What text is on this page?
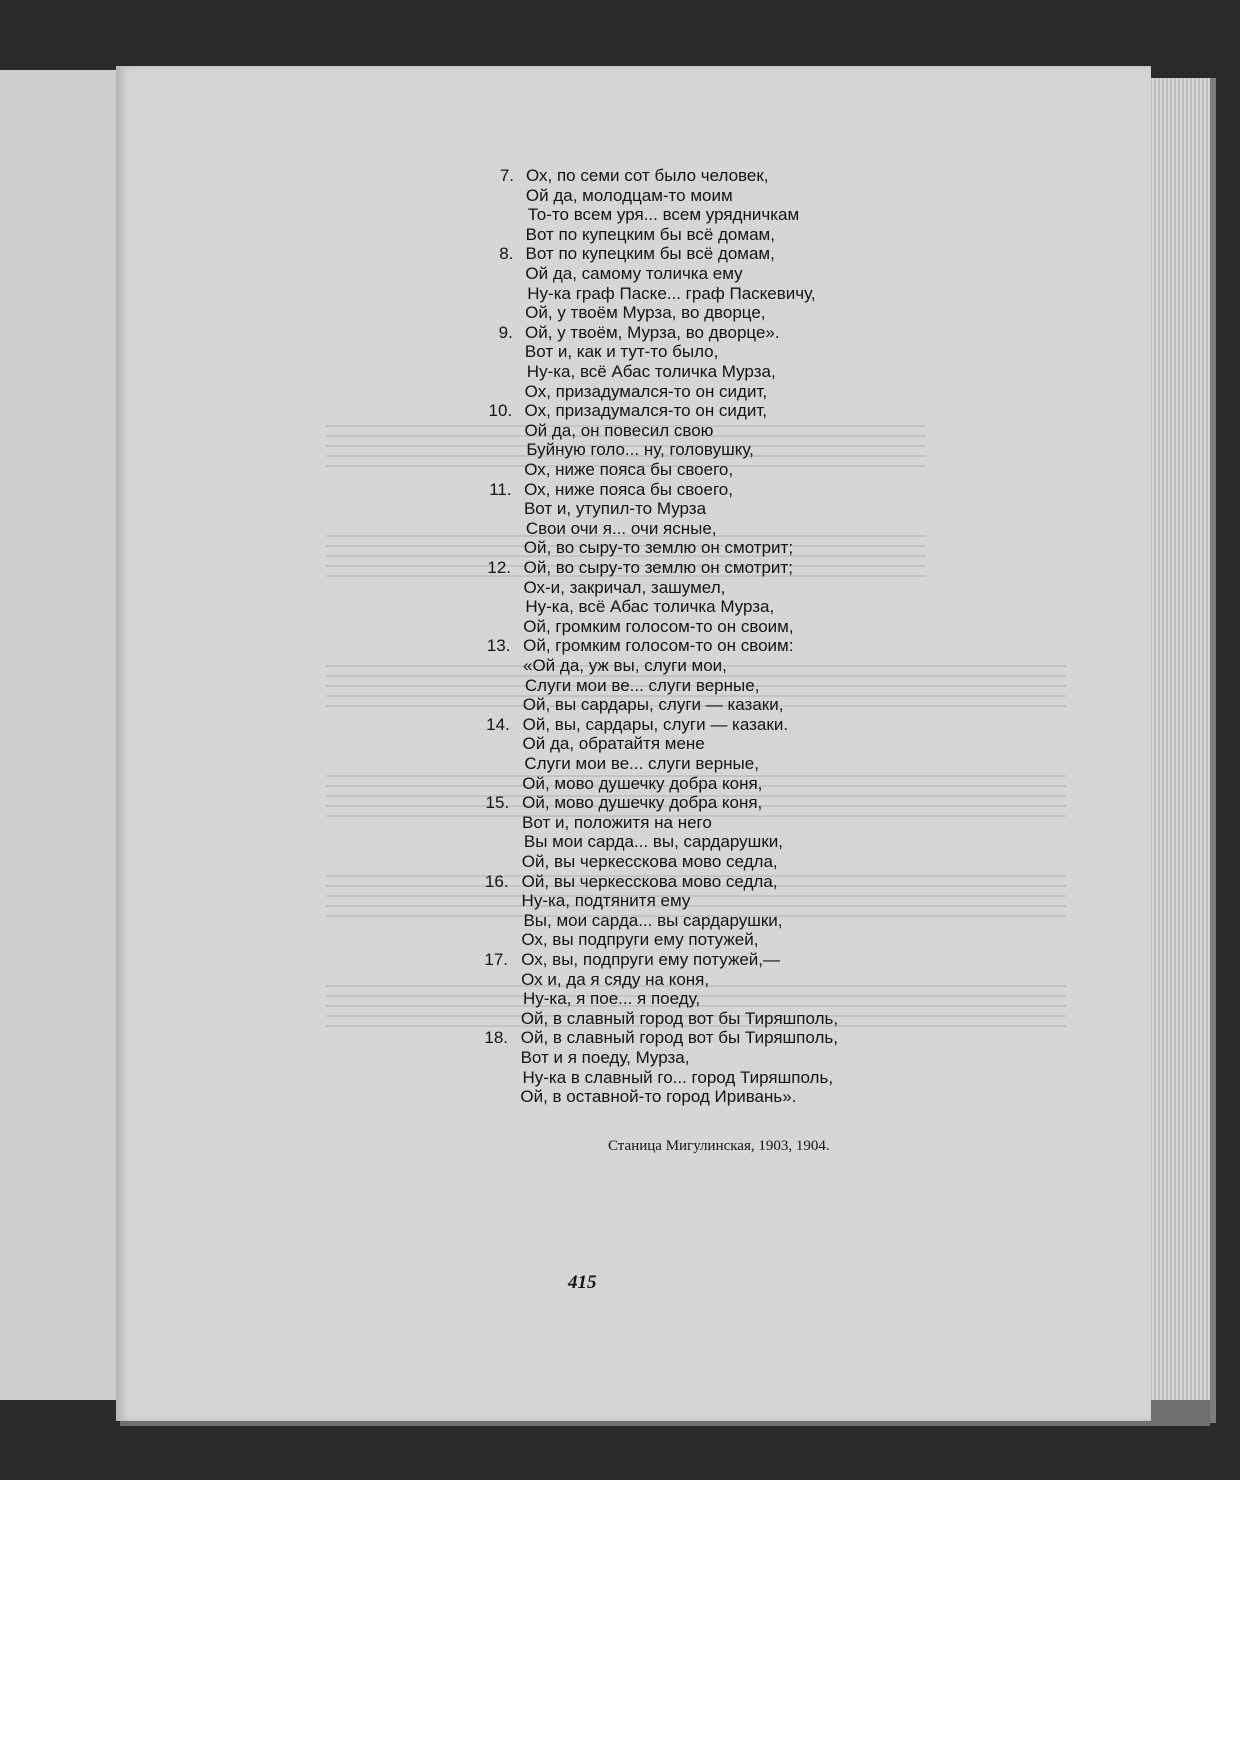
7. Ох, по семи сот было человек,
Ой да, молодцам-то моим
То-то всем уря... всем урядничкам
Вот по купецким бы всё домам,
8. Вот по купецким бы всё домам,
Ой да, самому толичка ему
Ну-ка граф Паске... граф Паскевичу,
Ой, у твоём Мурза, во дворце,
9. Ой, у твоём, Мурза, во дворце».
Вот и, как и тут-то было,
Ну-ка, всё Абас толичка Мурза,
Ох, призадумался-то он сидит,
10. Ох, призадумался-то он сидит,
Ой да, он повесил свою
Буйную голо... ну, головушку,
Ох, ниже пояса бы своего,
11. Ох, ниже пояса бы своего,
Вот и, утупил-то Мурза
Свои очи я... очи ясные,
Ой, во сыру-то землю он смотрит;
12. Ой, во сыру-то землю он смотрит;
Ох-и, закричал, зашумел,
Ну-ка, всё Абас толичка Мурза,
Ой, громким голосом-то он своим,
13. Ой, громким голосом-то он своим:
«Ой да, уж вы, слуги мои,
Слуги мои ве... слуги верные,
Ой, вы сардары, слуги — казаки,
14. Ой, вы, сардары, слуги — казаки.
Ой да, обратайтя мене
Слуги мои ве... слуги верные,
Ой, мово душечку добра коня,
15. Ой, мово душечку добра коня,
Вот и, положитя на него
Вы мои сарда... вы, сардарушки,
Ой, вы черкесскова мово седла,
16. Ой, вы черкесскова мово седла,
Ну-ка, подтянитя ему
Вы, мои сарда... вы сардарушки,
Ох, вы подпруги ему потужей,
17. Ох, вы, подпруги ему потужей,—
Ох и, да я сяду на коня,
Ну-ка, я пое... я поеду,
Ой, в славный город вот бы Тиряшполь,
18. Ой, в славный город вот бы Тиряшполь,
Вот и я поеду, Мурза,
Ну-ка в славный го... город Тиряшполь,
Ой, в оставной-то город Иривань».
Станица Мигулинская, 1903, 1904.
415
